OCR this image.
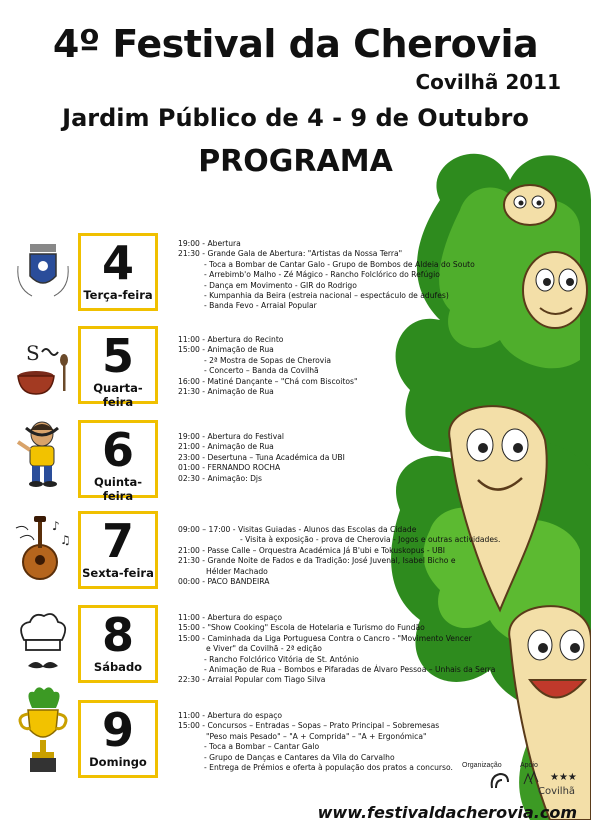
4º Festival da Cherovia
Covilhã 2011
Jardim Público de 4 - 9 de Outubro
PROGRAMA
4
Terça-feira
19:00 - Abertura
21:30 - Grande Gala de Abertura: "Artistas da Nossa Terra"
- Toca a Bombar de Cantar Galo - Grupo de Bombos de Aldeia do Souto
- Arrebimb'o Malho - Zé Mágico - Rancho Folclórico do Refúgio
- Dança em Movimento - GIR do Rodrigo
- Kumpanhia da Beira (estreia nacional – espectáculo de adufes)
- Banda Fevo - Arraial Popular
S	5
Quarta-feira
11:00 - Abertura do Recinto
15:00 - Animação de Rua
- 2ª Mostra de Sopas de Cherovia
- Concerto – Banda da Covilhã
16:00 - Matiné Dançante – "Chá com Biscoitos"
21:30 - Animação de Rua
6
Quinta-feira
19:00 - Abertura do Festival
21:00 - Animação de Rua
23:00 - Desertuna – Tuna Académica da UBI
01:00 - FERNANDO ROCHA
02:30 - Animação: Djs
♪
♫ 7
Sexta-feira
09:00 – 17:00 - Visitas Guiadas - Alunos das Escolas da Cidade
- Visita à exposição - prova de Cherovia - Jogos e outras actividades.
21:00 - Passe Calle – Orquestra Académica Já B'ubi e Tokuskopus - UBI
21:30 - Grande Noite de Fados e da Tradição: José Juvenal, Isabel Bicho e
Hélder Machado
00:00 - PACO BANDEIRA
8
Sábado
11:00 - Abertura do espaço
15:00 - "Show Cooking" Escola de Hotelaria e Turismo do Fundão
15:00 - Caminhada da Liga Portuguesa Contra o Cancro - "Movimento Vencer
e Viver" da Covilhã - 2ª edição
- Rancho Folclórico Vitória de St. António
- Animação de Rua – Bombos e Pifaradas de Álvaro Pessoa – Unhais da Serra
22:30 - Arraial Popular com Tiago Silva
9
Domingo
11:00 - Abertura do espaço
15:00 - Concursos – Entradas – Sopas – Prato Principal – Sobremesas
"Peso mais Pesado" – "A + Comprida" – "A + Ergonómica"
- Toca a Bombar – Cantar Galo
- Grupo de Danças e Cantares da Vila do Carvalho
- Entrega de Prémios e oferta à população dos pratos a concurso.	Organização	Apoio
★★★
Covilhã
www.festivaldacherovia.com
